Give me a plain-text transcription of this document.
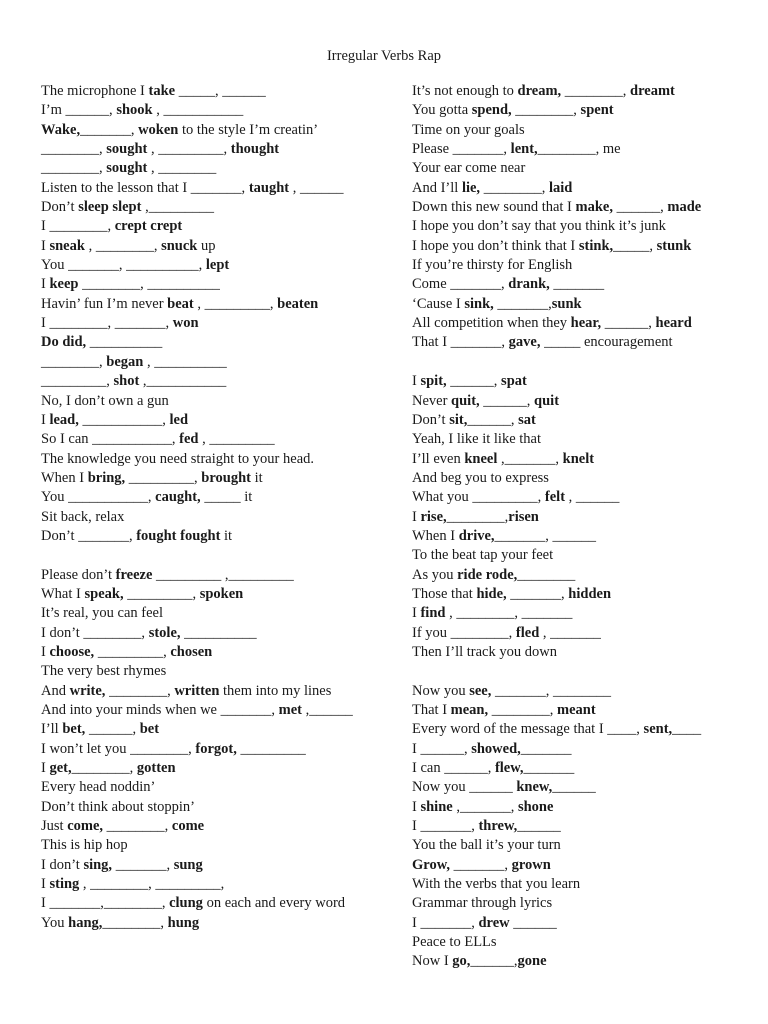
Irregular Verbs Rap
The microphone I take _____, ______
I’m ______, shook , ___________
Wake,_______, woken to the style I’m creatin’
________, sought , _________, thought
________, sought , ________
Listen to the lesson that I _______, taught , ______
Don’t sleep slept ,_________
I ________, crept crept
I sneak , ________, snuck up
You _______, __________, lept
I keep ________, __________
Havin’ fun I’m never beat , _________, beaten
I ________, _______, won
Do did, __________
________, began , __________
_________, shot ,___________
No, I don’t own a gun
I lead, ___________, led
So I can ___________, fed , _________
The knowledge you need straight to your head.
When I bring, _________, brought it
You ___________, caught, _____ it
Sit back, relax
Don’t _______, fought fought it
Please don’t freeze _________ ,_________
What I speak, _________, spoken
It’s real, you can feel
I don’t ________, stole, __________
I choose, _________, chosen
The very best rhymes
And write, ________, written them into my lines
And into your minds when we _______, met ,______
I’ll bet, ______, bet
I won’t let you ________, forgot, _________
I get,________, gotten
Every head noddin’
Don’t think about stoppin’
Just come, ________, come
This is hip hop
I don’t sing, _______, sung
I sting , ________, _________,
I _______,________, clung on each and every word
You hang,________, hung
It’s not enough to dream, ________, dreamt
You gotta spend, ________, spent
Time on your goals
Please _______, lent,________, me
Your ear come near
And I’ll lie, ________, laid
Down this new sound that I make, ______, made
I hope you don’t say that you think it’s junk
I hope you don’t think that I stink,_____, stunk
If you’re thirsty for English
Come _______, drank, _______
‘Cause I sink, _______,sunk
All competition when they hear, ______, heard
That I _______, gave, _____ encouragement
I spit, ______, spat
Never quit, ______, quit
Don’t sit,______, sat
Yeah, I like it like that
I’ll even kneel ,_______, knelt
And beg you to express
What you _________, felt , ______
I rise,________,risen
When I drive,_______, ______
To the beat tap your feet
As you ride rode,________
Those that hide, _______, hidden
I find , ________, _______
If you ________, fled , _______
Then I’ll track you down
Now you see, _______, ________
That I mean, ________, meant
Every word of the message that I ____, sent,____
I ______, showed,_______
I can ______, flew,_______
Now you ______ knew,______
I shine ,_______, shone
I _______, threw,______
You the ball it’s your turn
Grow, _______, grown
With the verbs that you learn
Grammar through lyrics
I _______, drew ______
Peace to ELLs
Now I go,______,gone
